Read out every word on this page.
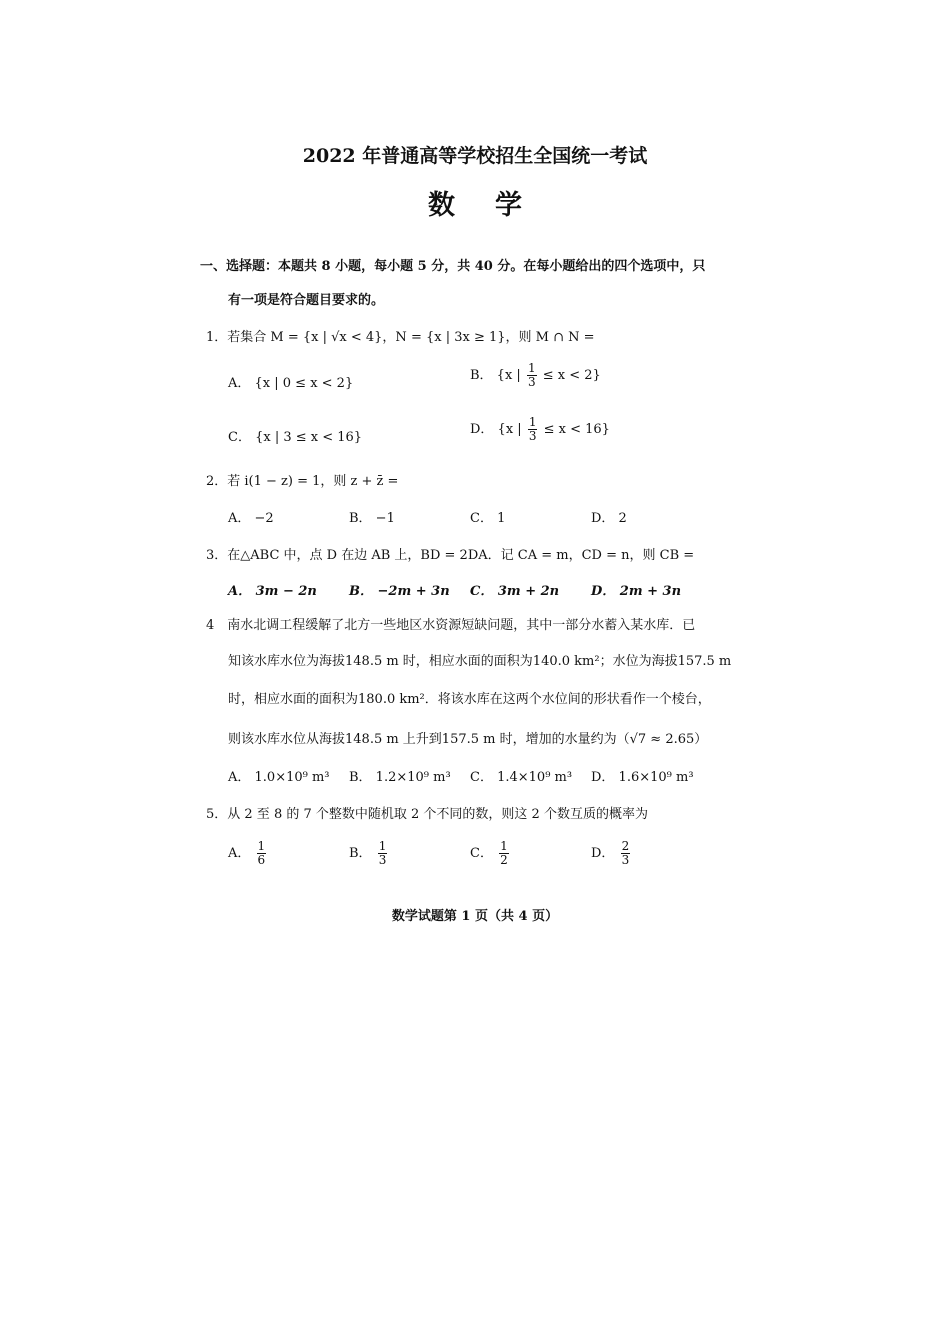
2022 年普通高等学校招生全国统一考试
数学
一、选择题：本题共 8 小题，每小题 5 分，共 40 分。在每小题给出的四个选项中，只
有一项是符合题目要求的。
1．若集合 M = {x | √x < 4}，N = {x | 3x ≥ 1}，则 M ∩ N =
A． {x | 0 ≤ x < 2}
B． {x | $\frac{1}{3} \le x < 2$}
C． {x | 3 ≤ x < 16}
D． {x | $\frac{1}{3} \le x < 16$}
2．若 i(1 − z) = 1，则 z + z̄ =
A． −2	B． −1	C． 1	D． 2
3．在△ABC 中，点 D 在边 AB 上，BD = 2DA．记 CA = m，CD = n，则 CB =
A． 3m − 2n B． −2m + 3n C． 3m + 2n D． 2m + 3n
4　南水北调工程缓解了北方一些地区水资源短缺问题，其中一部分水蓄入某水库．已
知该水库水位为海拔148.5 m 时，相应水面的面积为140.0 km²；水位为海拔157.5 m
时，相应水面的面积为180.0 km²．将该水库在这两个水位间的形状看作一个棱台，
则该水库水位从海拔148.5 m 上升到157.5 m 时，增加的水量约为（√7 ≈ 2.65）
A． 1.0×10⁹ m³ B． 1.2×10⁹ m³ C． 1.4×10⁹ m³ D． 1.6×10⁹ m³
5．从 2 至 8 的 7 个整数中随机取 2 个不同的数，则这 2 个数互质的概率为
A． $\frac{1}{6}$	B． $\frac{1}{3}$	C． $\frac{1}{2}$	D． $\frac{2}{3}$
数学试题第 1 页（共 4 页）
